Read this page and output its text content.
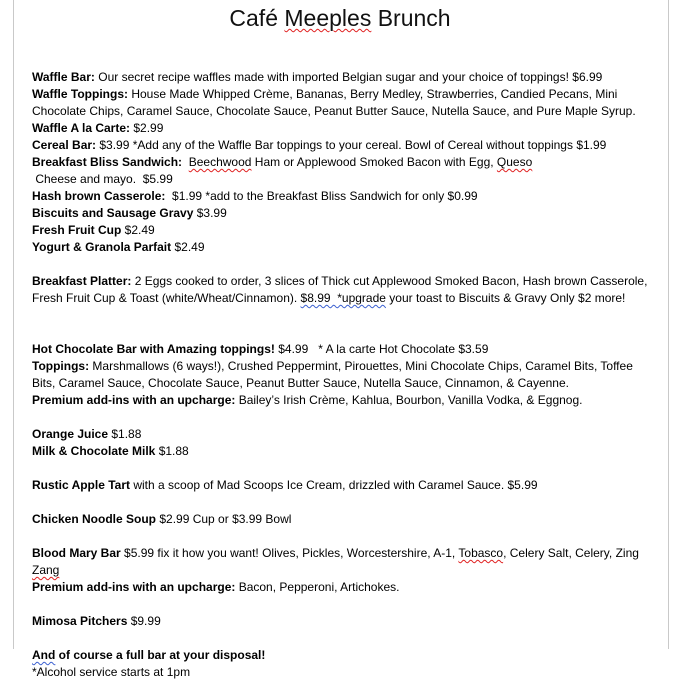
Café Meeples Brunch

Waffle Bar: Our secret recipe waffles made with imported Belgian sugar and your choice of toppings! $6.99

Waffle Toppings: House Made Whipped Crème, Bananas, Berry Medley, Strawberries, Candied Pecans, Mini Chocolate Chips, Caramel Sauce, Chocolate Sauce, Peanut Butter Sauce, Nutella Sauce, and Pure Maple Syrup.

Waffle A la Carte: $2.99

Cereal Bar: $3.99 *Add any of the Waffle Bar toppings to your cereal. Bowl of Cereal without toppings $1.99

Breakfast Bliss Sandwich: Beechwood Ham or Applewood Smoked Bacon with Egg, Queso Cheese and mayo.  $5.99

Hash brown Casserole:  $1.99 *add to the Breakfast Bliss Sandwich for only $0.99

Biscuits and Sausage Gravy $3.99

Fresh Fruit Cup $2.49

Yogurt & Granola Parfait $2.49

Breakfast Platter: 2 Eggs cooked to order, 3 slices of Thick cut Applewood Smoked Bacon, Hash brown Casserole, Fresh Fruit Cup & Toast (white/Wheat/Cinnamon). $8.99  *upgrade your toast to Biscuits & Gravy Only $2 more!

Hot Chocolate Bar with Amazing toppings! $4.99   * A la carte Hot Chocolate $3.59

Toppings: Marshmallows (6 ways!), Crushed Peppermint, Pirouettes, Mini Chocolate Chips, Caramel Bits, Toffee Bits, Caramel Sauce, Chocolate Sauce, Peanut Butter Sauce, Nutella Sauce, Cinnamon, & Cayenne.

Premium add-ins with an upcharge: Bailey’s Irish Crème, Kahlua, Bourbon, Vanilla Vodka, & Eggnog.

Orange Juice $1.88

Milk & Chocolate Milk $1.88

Rustic Apple Tart with a scoop of Mad Scoops Ice Cream, drizzled with Caramel Sauce. $5.99

Chicken Noodle Soup $2.99 Cup or $3.99 Bowl

Blood Mary Bar $5.99 fix it how you want! Olives, Pickles, Worcestershire, A-1, Tobasco, Celery Salt, Celery, Zing Zang

Premium add-ins with an upcharge: Bacon, Pepperoni, Artichokes.

Mimosa Pitchers $9.99

And of course a full bar at your disposal!

*Alcohol service starts at 1pm
